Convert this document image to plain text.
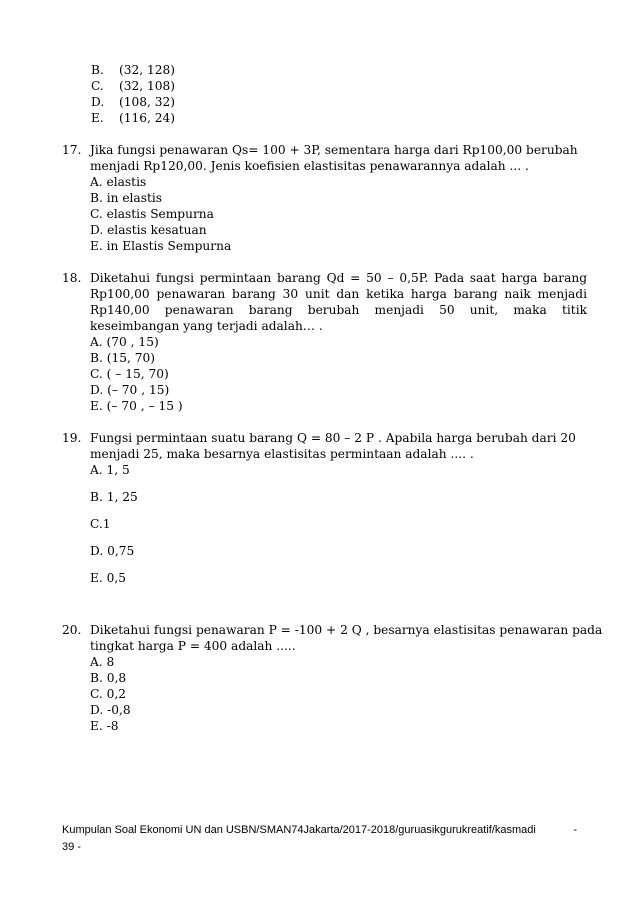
B. (32, 128)
C. (32, 108)
D. (108, 32)
E. (116, 24)
17. Jika fungsi penawaran Qs= 100 + 3P, sementara harga dari Rp100,00 berubah
menjadi Rp120,00. Jenis koefisien elastisitas penawarannya adalah ... .
A. elastis
B. in elastis
C. elastis Sempurna
D. elastis kesatuan
E. in Elastis Sempurna
18. Diketahui fungsi permintaan barang Qd = 50 – 0,5P. Pada saat harga barang Rp100,00 penawaran barang 30 unit dan ketika harga barang naik menjadi Rp140,00 penawaran barang berubah menjadi 50 unit, maka titik keseimbangan yang terjadi adalah… .
A. (70 , 15)
B. (15, 70)
C. ( – 15, 70)
D. (– 70 , 15)
E. (– 70 , – 15 )
19. Fungsi permintaan suatu barang Q = 80 – 2 P . Apabila harga berubah dari 20
menjadi 25, maka besarnya elastisitas permintaan adalah .... .
A. 1, 5
B. 1, 25
C.1
D. 0,75
E. 0,5
20. Diketahui fungsi penawaran P = -100 + 2 Q , besarnya elastisitas penawaran pada
tingkat harga P = 400 adalah .....
A. 8
B. 0,8
C. 0,2
D. -0,8
E. -8
Kumpulan Soal Ekonomi UN dan USBN/SMAN74Jakarta/2017-2018/guruasikgurukreatif/kasmadi	-
39 -
